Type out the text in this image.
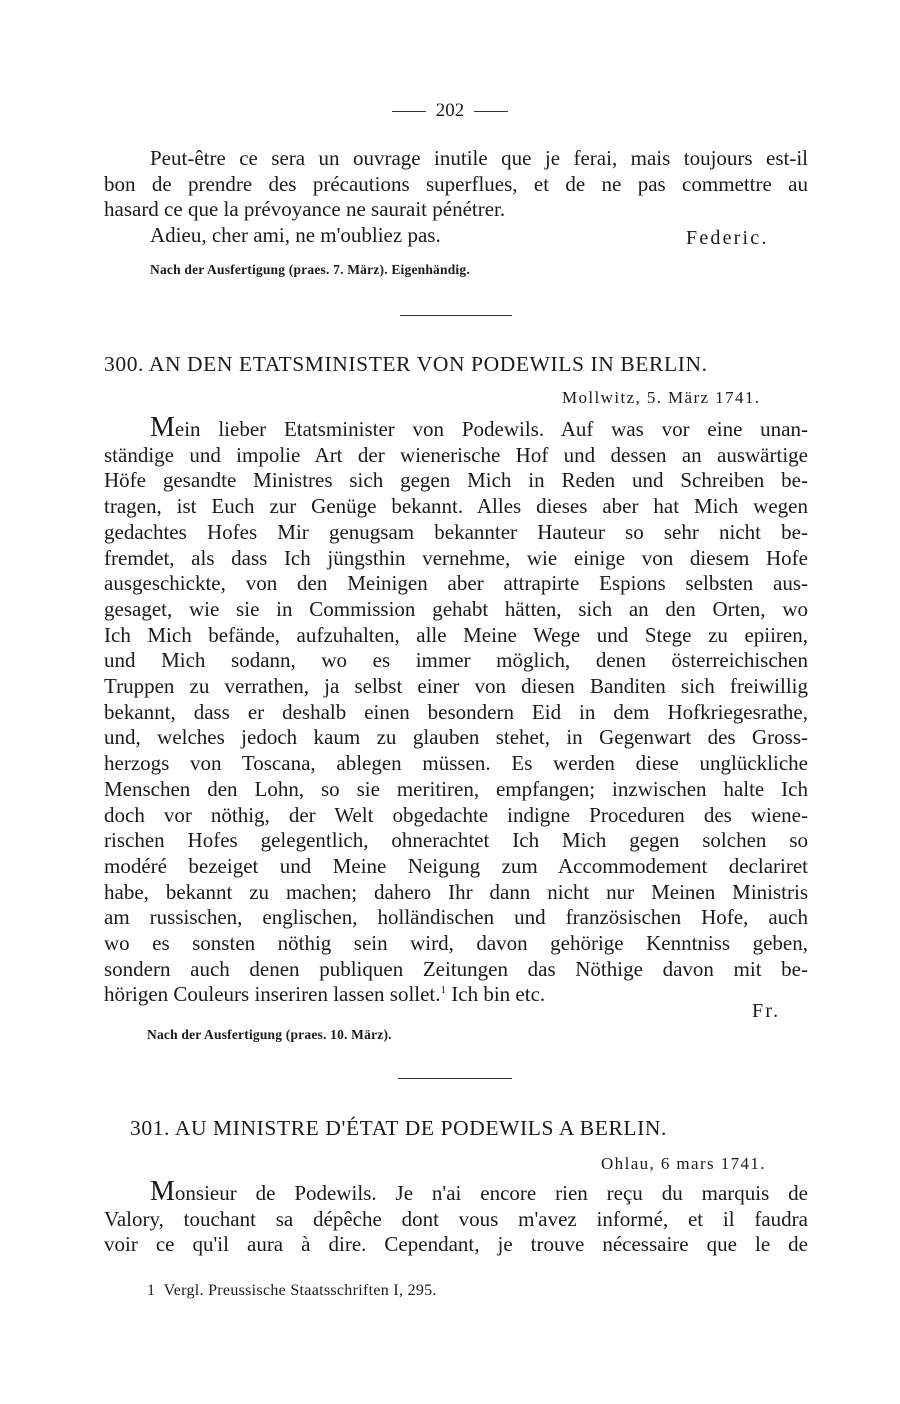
202
Peut-être ce sera un ouvrage inutile que je ferai, mais toujours est-il
bon de prendre des précautions superflues, et de ne pas commettre au
hasard ce que la prévoyance ne saurait pénétrer.
Adieu, cher ami, ne m'oubliez pas.	Federic.
Nach der Ausfertigung (praes. 7. März). Eigenhändig.
300. AN DEN ETATSMINISTER VON PODEWILS IN BERLIN.
Mollwitz, 5. März 1741.
Mein lieber Etatsminister von Podewils. Auf was vor eine unan-
ständige und impolie Art der wienerische Hof und dessen an auswärtige
Höfe gesandte Ministres sich gegen Mich in Reden und Schreiben be-
tragen, ist Euch zur Genüge bekannt. Alles dieses aber hat Mich wegen
gedachtes Hofes Mir genugsam bekannter Hauteur so sehr nicht be-
fremdet, als dass Ich jüngsthin vernehme, wie einige von diesem Hofe
ausgeschickte, von den Meinigen aber attrapirte Espions selbsten aus-
gesaget, wie sie in Commission gehabt hätten, sich an den Orten, wo
Ich Mich befände, aufzuhalten, alle Meine Wege und Stege zu epiiren,
und Mich sodann, wo es immer möglich, denen österreichischen
Truppen zu verrathen, ja selbst einer von diesen Banditen sich freiwillig
bekannt, dass er deshalb einen besondern Eid in dem Hofkriegesrathe,
und, welches jedoch kaum zu glauben stehet, in Gegenwart des Gross-
herzogs von Toscana, ablegen müssen. Es werden diese unglückliche
Menschen den Lohn, so sie meritiren, empfangen; inzwischen halte Ich
doch vor nöthig, der Welt obgedachte indigne Proceduren des wiene-
rischen Hofes gelegentlich, ohnerachtet Ich Mich gegen solchen so
modéré bezeiget und Meine Neigung zum Accommodement declariret
habe, bekannt zu machen; dahero Ihr dann nicht nur Meinen Ministris
am russischen, englischen, holländischen und französischen Hofe, auch
wo es sonsten nöthig sein wird, davon gehörige Kenntniss geben,
sondern auch denen publiquen Zeitungen das Nöthige davon mit be-
hörigen Couleurs inseriren lassen sollet.$^1$ Ich bin etc.
Fr.
Nach der Ausfertigung (praes. 10. März).
301. AU MINISTRE D'ÉTAT DE PODEWILS A BERLIN.
Ohlau, 6 mars 1741.
Monsieur de Podewils. Je n'ai encore rien reçu du marquis de
Valory, touchant sa dépêche dont vous m'avez informé, et il faudra
voir ce qu'il aura à dire. Cependant, je trouve nécessaire que le de
1 Vergl. Preussische Staatsschriften I, 295.
